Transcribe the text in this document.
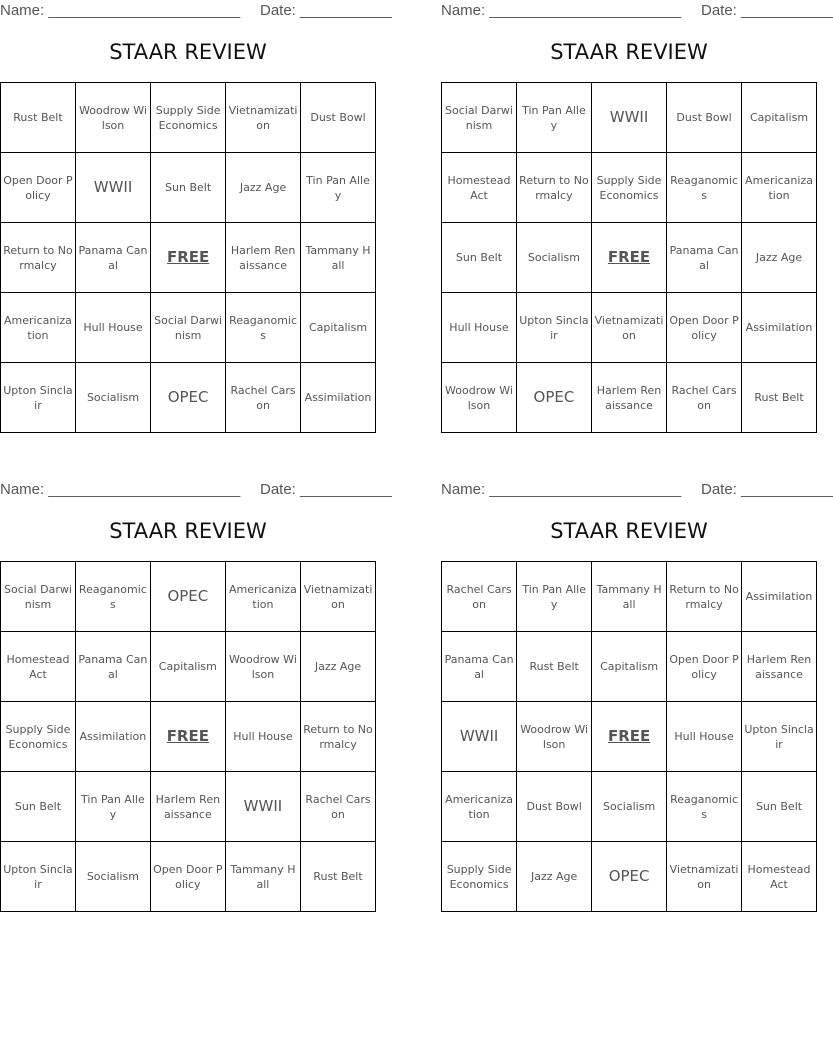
Name: _______________________ Date: ___________
STAAR REVIEW
Rust Belt	Woodrow Wilson	Supply Side Economics	Vietnamization	Dust Bowl
Open Door Policy	WWII	Sun Belt	Jazz Age	Tin Pan Alley
Return to Normalcy	Panama Canal	FREE	Harlem Renaissance	Tammany Hall
Americanization	Hull House	Social Darwinism	Reaganomics	Capitalism
Upton Sinclair	Socialism	OPEC	Rachel Carson	Assimilation
Name: _______________________ Date: ___________
STAAR REVIEW
Social Darwinism	Tin Pan Alley	WWII	Dust Bowl	Capitalism
Homestead Act	Return to Normalcy	Supply Side Economics	Reaganomics	Americanization
Sun Belt	Socialism	FREE	Panama Canal	Jazz Age
Hull House	Upton Sinclair	Vietnamization	Open Door Policy	Assimilation
Woodrow Wilson	OPEC	Harlem Renaissance	Rachel Carson	Rust Belt
Name: _______________________ Date: ___________
STAAR REVIEW
Social Darwinism	Reaganomics	OPEC	Americanization	Vietnamization
Homestead Act	Panama Canal	Capitalism	Woodrow Wilson	Jazz Age
Supply Side Economics	Assimilation	FREE	Hull House	Return to Normalcy
Sun Belt	Tin Pan Alley	Harlem Renaissance	WWII	Rachel Carson
Upton Sinclair	Socialism	Open Door Policy	Tammany Hall	Rust Belt
Name: _______________________ Date: ___________
STAAR REVIEW
Rachel Carson	Tin Pan Alley	Tammany Hall	Return to Normalcy	Assimilation
Panama Canal	Rust Belt	Capitalism	Open Door Policy	Harlem Renaissance
WWII	Woodrow Wilson	FREE	Hull House	Upton Sinclair
Americanization	Dust Bowl	Socialism	Reaganomics	Sun Belt
Supply Side Economics	Jazz Age	OPEC	Vietnamization	Homestead Act
